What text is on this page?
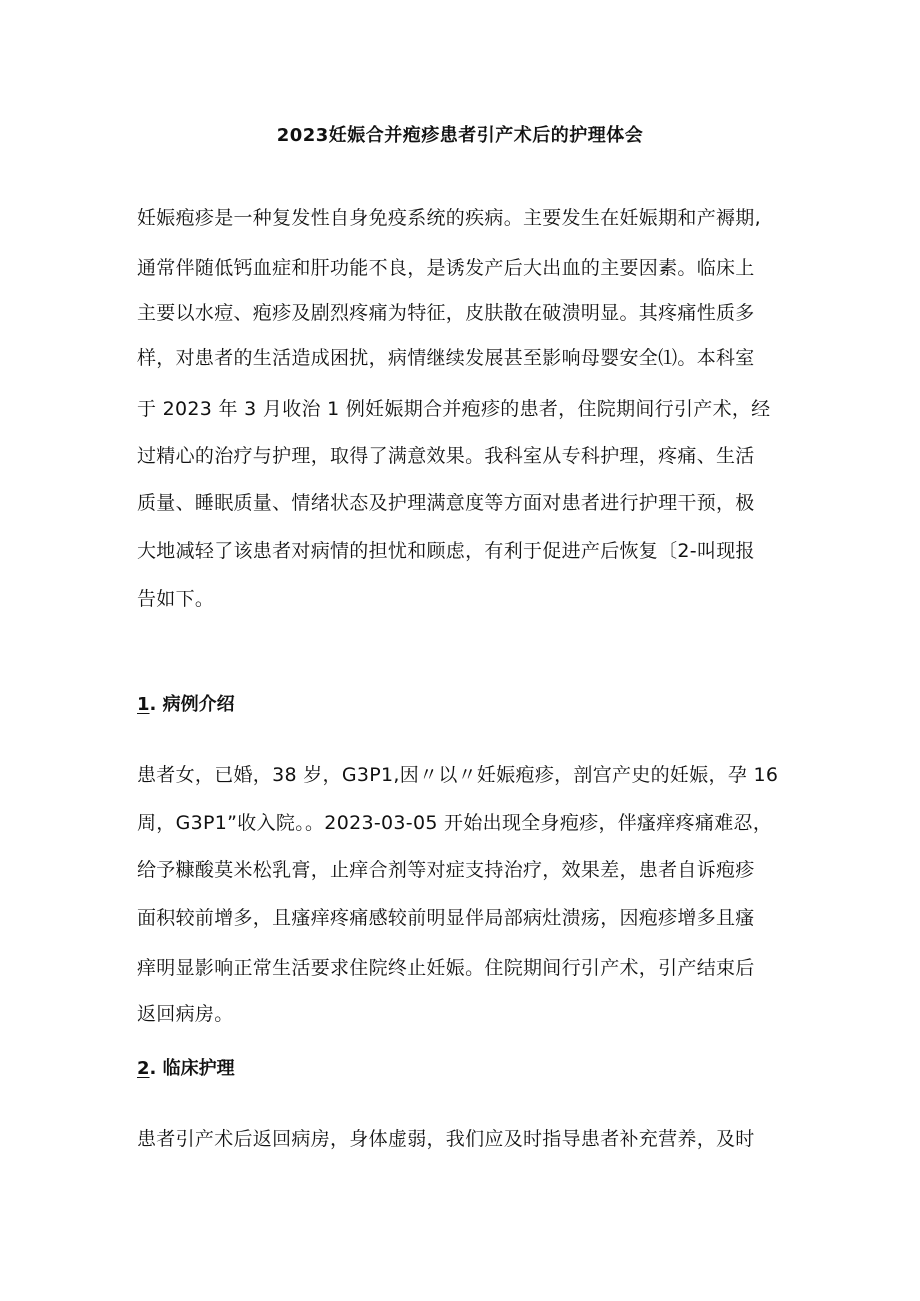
2023妊娠合并疱疹患者引产术后的护理体会
妊娠疱疹是一种复发性自身免疫系统的疾病。主要发生在妊娠期和产褥期,
通常伴随低钙血症和肝功能不良，是诱发产后大出血的主要因素。临床上
主要以水痘、疱疹及剧烈疼痛为特征，皮肤散在破溃明显。其疼痛性质多
样，对患者的生活造成困扰，病情继续发展甚至影响母婴安全⑴。本科室
于 2023 年 3 月收治 1 例妊娠期合并疱疹的患者，住院期间行引产术，经
过精心的治疗与护理，取得了满意效果。我科室从专科护理，疼痛、生活
质量、睡眠质量、情绪状态及护理满意度等方面对患者进行护理干预，极
大地减轻了该患者对病情的担忧和顾虑，有利于促进产后恢复〔2-叫现报
告如下。
1. 病例介绍
患者女，已婚，38 岁，G3P1,因〃以〃妊娠疱疹，剖宫产史的妊娠，孕 16
周，G3P1”收入院。。2023-03-05 开始出现全身疱疹，伴瘙痒疼痛难忍，
给予糠酸莫米松乳膏，止痒合剂等对症支持治疗，效果差，患者自诉疱疹
面积较前增多，且瘙痒疼痛感较前明显伴局部病灶溃疡，因疱疹增多且瘙
痒明显影响正常生活要求住院终止妊娠。住院期间行引产术，引产结束后
返回病房。
2. 临床护理
患者引产术后返回病房，身体虚弱，我们应及时指导患者补充营养，及时
